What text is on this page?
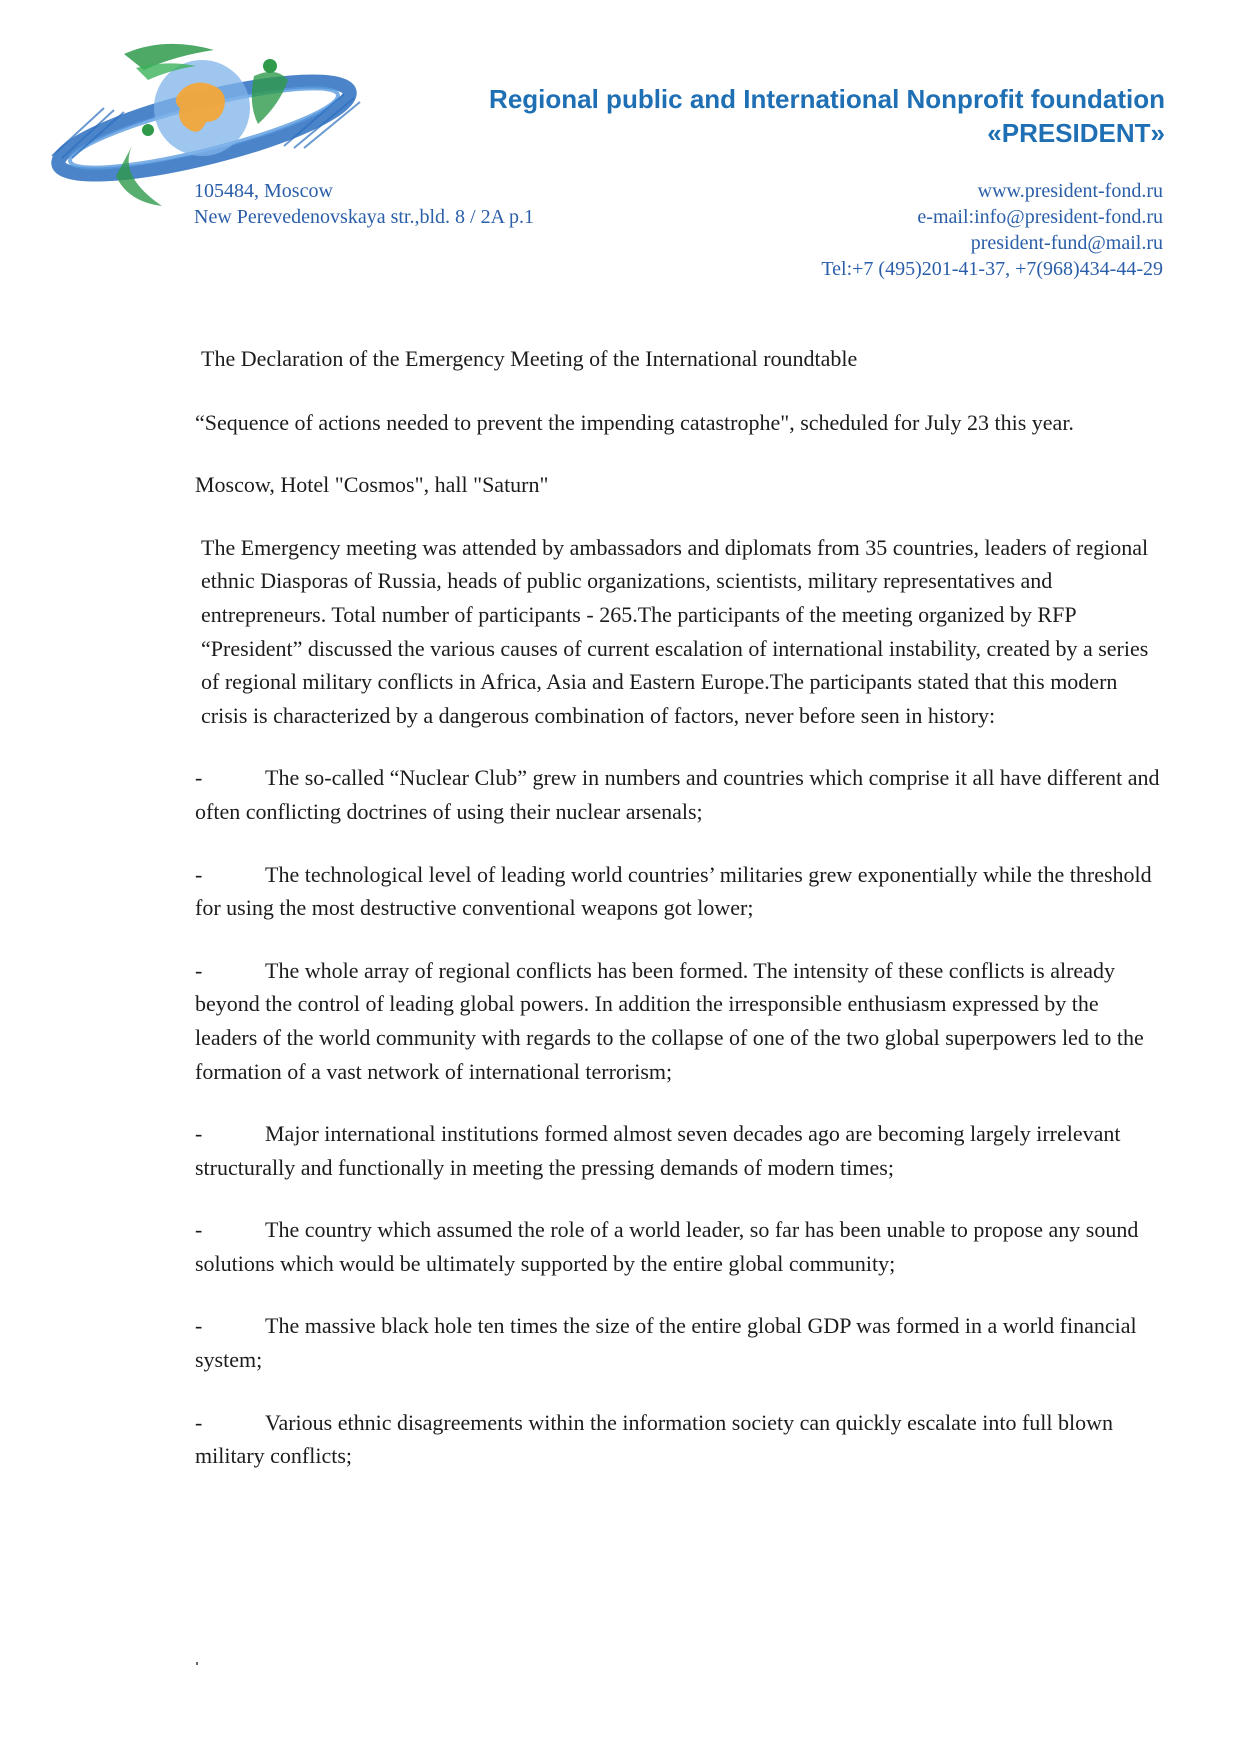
Regional public and International Nonprofit foundation
«PRESIDENT»
105484, Moscow
New Perevedenovskaya str.,bld. 8 / 2A p.1
www.president-fond.ru
e-mail:info@president-fond.ru
president-fund@mail.ru
Tel:+7 (495)201-41-37, +7(968)434-44-29

The Declaration of the Emergency Meeting of the International roundtable

“Sequence of actions needed to prevent the impending catastrophe", scheduled for July 23 this year.

Moscow, Hotel "Cosmos", hall "Saturn"

The Emergency meeting was attended by ambassadors and diplomats from 35 countries, leaders of regional ethnic Diasporas of Russia, heads of public organizations, scientists, military representatives and entrepreneurs. Total number of participants - 265.The participants of the meeting organized by RFP “President” discussed the various causes of current escalation of international instability, created by a series of regional military conflicts in Africa, Asia and Eastern Europe.The participants stated that this modern crisis is characterized by a dangerous combination of factors, never before seen in history:

-	The so-called “Nuclear Club” grew in numbers and countries which comprise it all have different and often conflicting doctrines of using their nuclear arsenals;

-	The technological level of leading world countries’ militaries grew exponentially while the threshold for using the most destructive conventional weapons got lower;

-	The whole array of regional conflicts has been formed. The intensity of these conflicts is already beyond the control of leading global powers. In addition the irresponsible enthusiasm expressed by the leaders of the world community with regards to the collapse of one of the two global superpowers led to the formation of a vast network of international terrorism;

-	Major international institutions formed almost seven decades ago are becoming largely irrelevant structurally and functionally in meeting the pressing demands of modern times;

-	The country which assumed the role of a world leader, so far has been unable to propose any sound solutions which would be ultimately supported by the entire global community;

-	The massive black hole ten times the size of the entire global GDP was formed in a world financial system;

-	Various ethnic disagreements within the information society can quickly escalate into full blown military conflicts;
